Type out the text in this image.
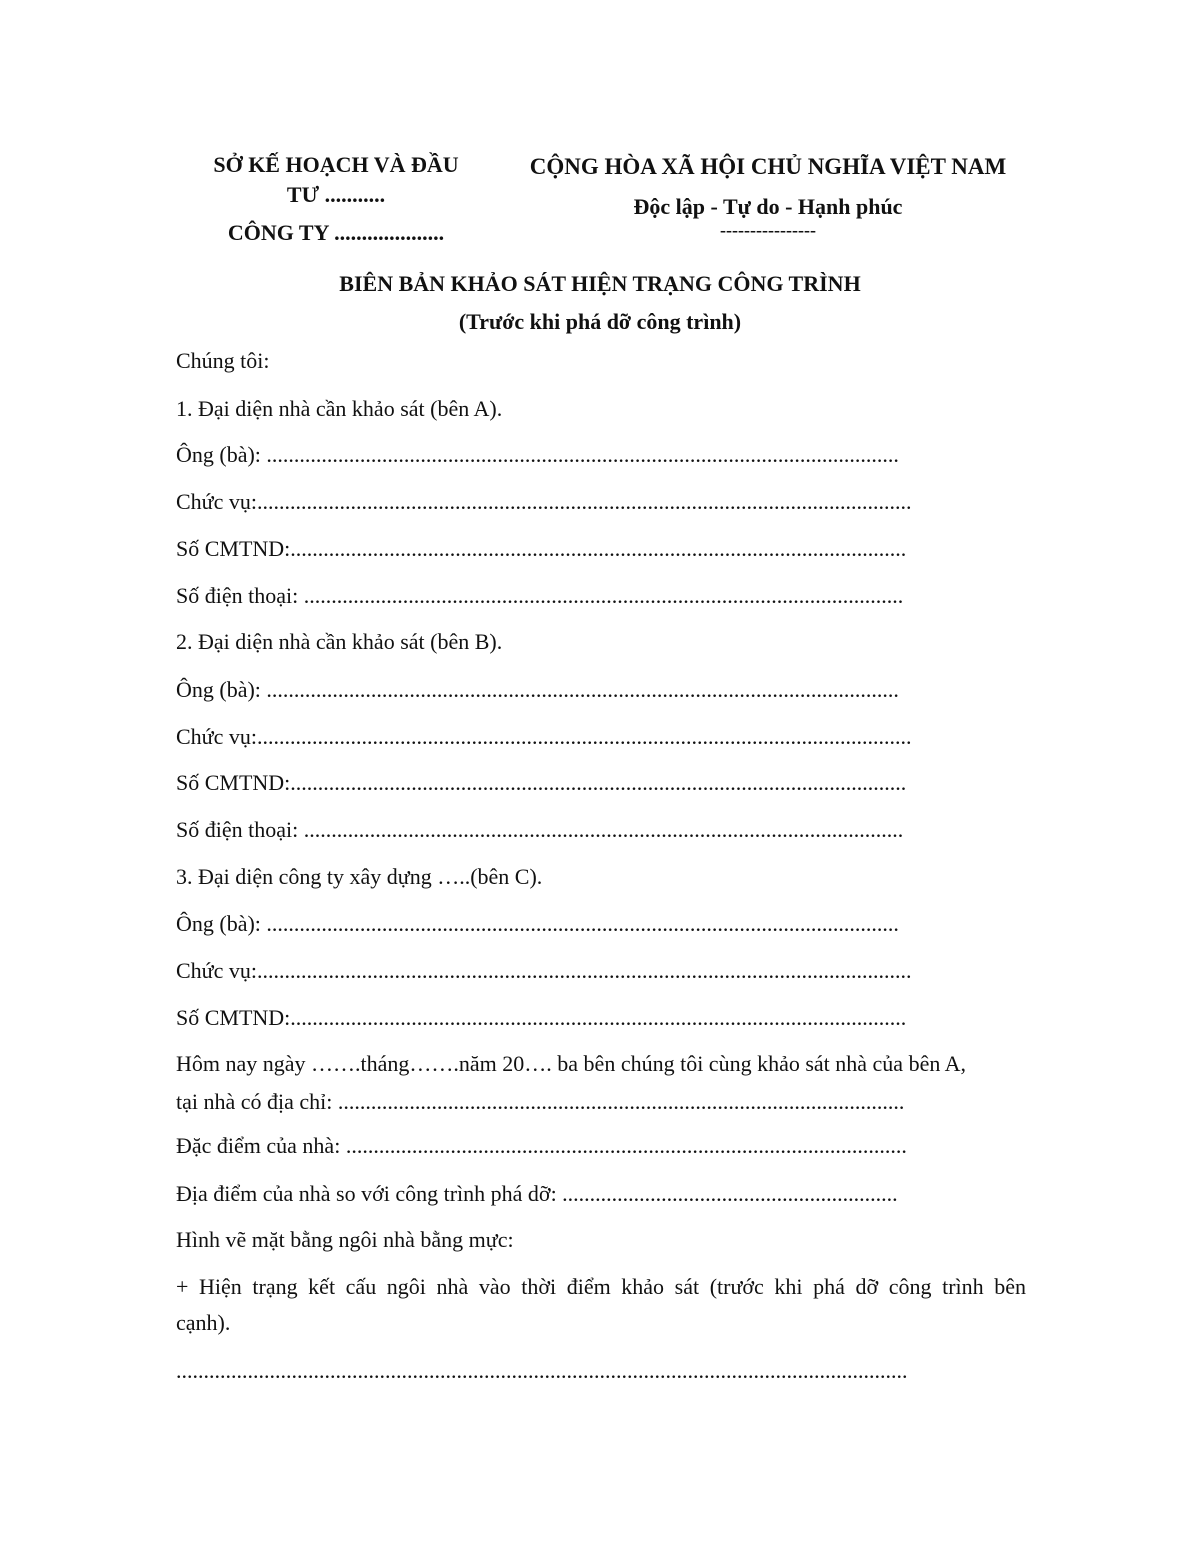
SỞ KẾ HOẠCH VÀ ĐẦU TƯ ...........
CÔNG TY ....................
CỘNG HÒA XÃ HỘI CHỦ NGHĨA VIỆT NAM
Độc lập - Tự do - Hạnh phúc
----------------
BIÊN BẢN KHẢO SÁT HIỆN TRẠNG CÔNG TRÌNH
(Trước khi phá dỡ công trình)
Chúng tôi:
1. Đại diện nhà cần khảo sát (bên A).
Ông (bà): ...................................................................................................................
Chức vụ:.......................................................................................................................
Số CMTND:................................................................................................................
Số điện thoại: .............................................................................................................
2. Đại diện nhà cần khảo sát (bên B).
Ông (bà): ...................................................................................................................
Chức vụ:.......................................................................................................................
Số CMTND:................................................................................................................
Số điện thoại: .............................................................................................................
3. Đại diện công ty xây dựng …..(bên C).
Ông (bà): ...................................................................................................................
Chức vụ:.......................................................................................................................
Số CMTND:................................................................................................................
Hôm nay ngày …….tháng…….năm 20…. ba bên chúng tôi cùng khảo sát nhà của bên A,
tại nhà có địa chỉ: .......................................................................................................
Đặc điểm của nhà: ......................................................................................................
Địa điểm của nhà so với công trình phá dỡ: .............................................................
Hình vẽ mặt bằng ngôi nhà bằng mực:
+ Hiện trạng kết cấu ngôi nhà vào thời điểm khảo sát (trước khi phá dỡ công trình bên
cạnh).
.....................................................................................................................................
